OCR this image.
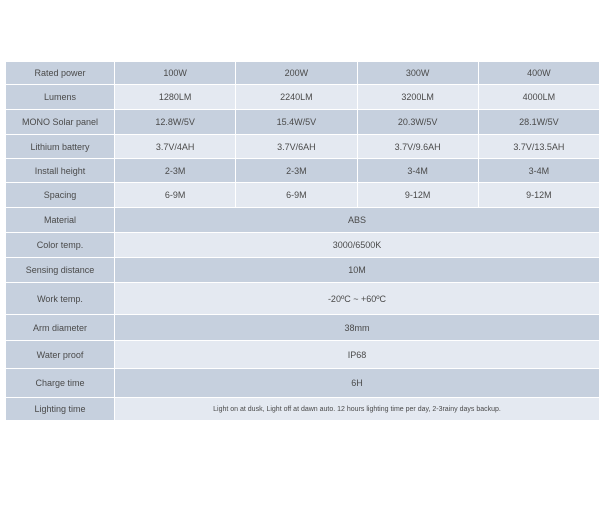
Rated power	100W	200W	300W	400W
Lumens	1280LM	2240LM	3200LM	4000LM
MONO Solar panel	12.8W/5V	15.4W/5V	20.3W/5V	28.1W/5V
Lithium battery	3.7V/4AH	3.7V/6AH	3.7V/9.6AH	3.7V/13.5AH
Install height	2-3M	2-3M	3-4M	3-4M
Spacing	6-9M	6-9M	9-12M	9-12M
Material	ABS			
Color temp.	3000/6500K			
Sensing distance	10M			
Work temp.	-20ºC ~ +60ºC			
Arm diameter	38mm			
Water proof	IP68			
Charge time	6H			
Lighting time	Light on at dusk, Light off at dawn auto. 12 hours lighting time per day, 2-3rainy days backup.			
